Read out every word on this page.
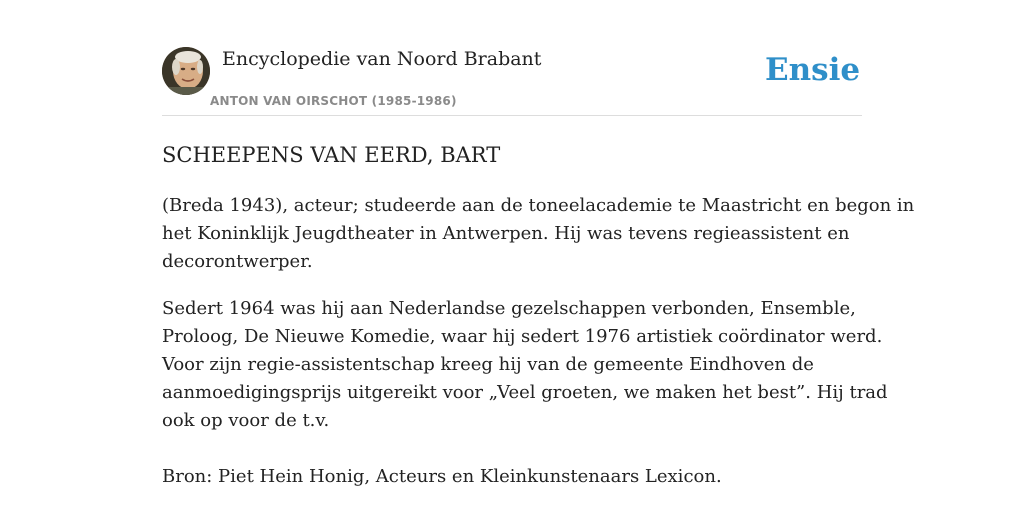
Encyclopedie van Noord Brabant
ANTON VAN OIRSCHOT (1985-1986)
Ensie
SCHEEPENS VAN EERD, BART

(Breda 1943), acteur; studeerde aan de toneelacademie te Maastricht en begon in
het Koninklijk Jeugdtheater in Antwerpen. Hij was tevens regieassistent en
decorontwerper.

Sedert 1964 was hij aan Nederlandse gezelschappen verbonden, Ensemble,
Proloog, De Nieuwe Komedie, waar hij sedert 1976 artistiek coördinator werd.
Voor zijn regie-assistentschap kreeg hij van de gemeente Eindhoven de
aanmoedigingsprijs uitgereikt voor „Veel groeten, we maken het best”. Hij trad
ook op voor de t.v.

Bron: Piet Hein Honig, Acteurs en Kleinkunstenaars Lexicon.
